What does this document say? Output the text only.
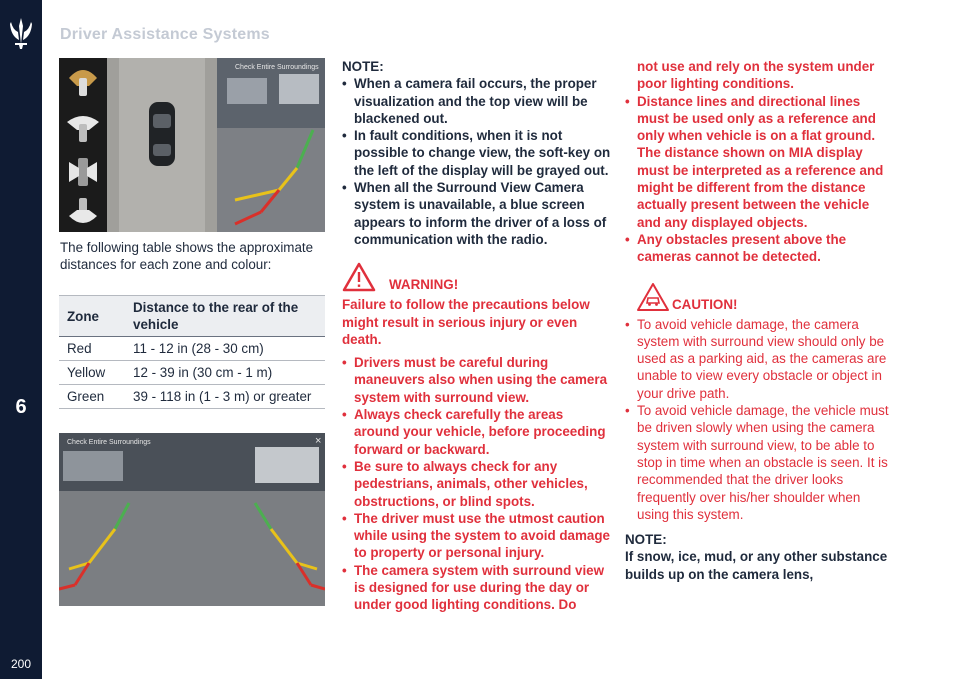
6
200
Driver Assistance Systems
Check Entire Surroundings
The following table shows the approximate distances for each zone and colour:
Zone	Distance to the rear of the vehicle
Red	11 - 12 in (28 - 30 cm)
Yellow	12 - 39 in (30 cm - 1 m)
Green	39 - 118 in (1 - 3 m) or greater
Check Entire Surroundings	×
NOTE:
• When a camera fail occurs, the proper visualization and the top view will be blackened out.
• In fault conditions, when it is not possible to change view, the soft-key on the left of the display will be grayed out.
• When all the Surround View Camera system is unavailable, a blue screen appears to inform the driver of a loss of communication with the radio.
WARNING!
Failure to follow the precautions below might result in serious injury or even death.
• Drivers must be careful during maneuvers also when using the camera system with surround view.
• Always check carefully the areas around your vehicle, before proceeding forward or backward.
• Be sure to always check for any pedestrians, animals, other vehicles, obstructions, or blind spots.
• The driver must use the utmost caution while using the system to avoid damage to property or personal injury.
• The camera system with surround view is designed for use during the day or under good lighting conditions. Do
not use and rely on the system under poor lighting conditions.
• Distance lines and directional lines must be used only as a reference and only when vehicle is on a flat ground. The distance shown on MIA display must be interpreted as a reference and might be different from the distance actually present between the vehicle and any displayed objects.
• Any obstacles present above the cameras cannot be detected.
CAUTION!
• To avoid vehicle damage, the camera system with surround view should only be used as a parking aid, as the cameras are unable to view every obstacle or object in your drive path.
• To avoid vehicle damage, the vehicle must be driven slowly when using the camera system with surround view, to be able to stop in time when an obstacle is seen. It is recommended that the driver looks frequently over his/her shoulder when using this system.
NOTE:
If snow, ice, mud, or any other substance builds up on the camera lens,
